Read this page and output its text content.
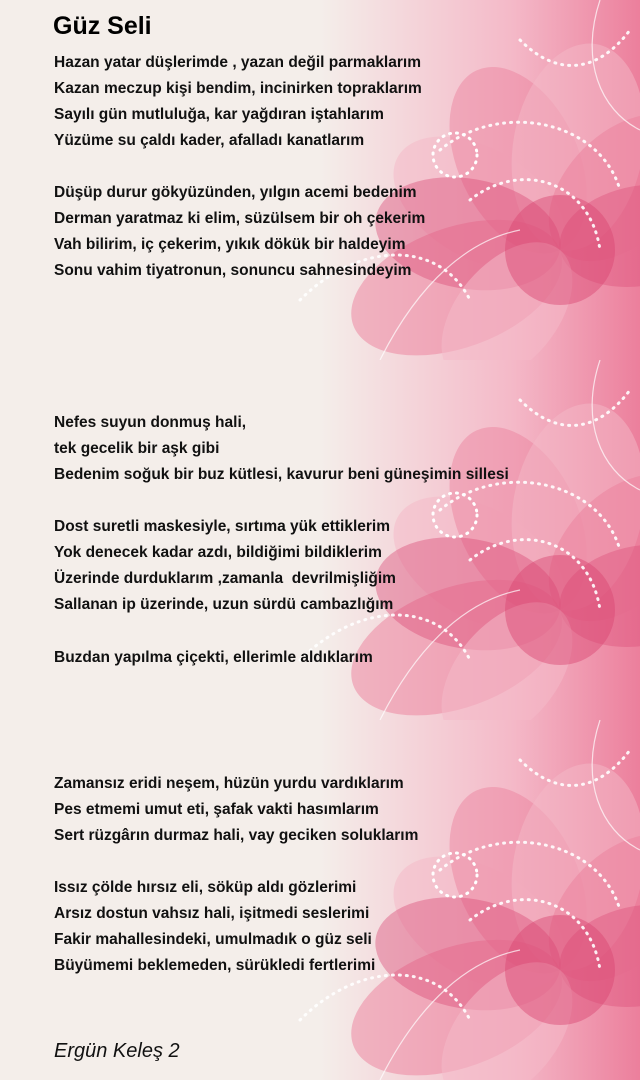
Güz Seli
Hazan yatar düşlerimde , yazan değil parmaklarım
Kazan meczup kişi bendim, incinirken topraklarım
Sayılı gün mutluluğa, kar yağdıran iştahlarım
Yüzüme su çaldı kader, afalladı kanatlarım
Düşüp durur gökyüzünden, yılgın acemi bedenim
Derman yaratmaz ki elim, süzülsem bir oh çekerim
Vah bilirim, iç çekerim, yıkık dökük bir haldeyim
Sonu vahim tiyatronun, sonuncu sahnesindeyim
Nefes suyun donmuş hali,
tek gecelik bir aşk gibi
Bedenim soğuk bir buz kütlesi, kavurur beni güneşimin sillesi
Dost suretli maskesiyle, sırtıma yük ettiklerim
Yok denecek kadar azdı, bildiğimi bildiklerim
Üzerinde durduklarım ,zamanla  devrilmişliğim
Sallanan ip üzerinde, uzun sürdü cambazlığım
Buzdan yapılma çiçekti, ellerimle aldıklarım
Zamansız eridi neşem, hüzün yurdu vardıklarım
Pes etmemi umut eti, şafak vakti hasımlarım
Sert rüzgârın durmaz hali, vay geciken soluklarım
Issız çölde hırsız eli, söküp aldı gözlerimi
Arsız dostun vahsız hali, işitmedi seslerimi
Fakir mahallesindeki, umulmadık o güz seli
Büyümemi beklemeden, sürükledi fertlerimi
Ergün Keleş 2
